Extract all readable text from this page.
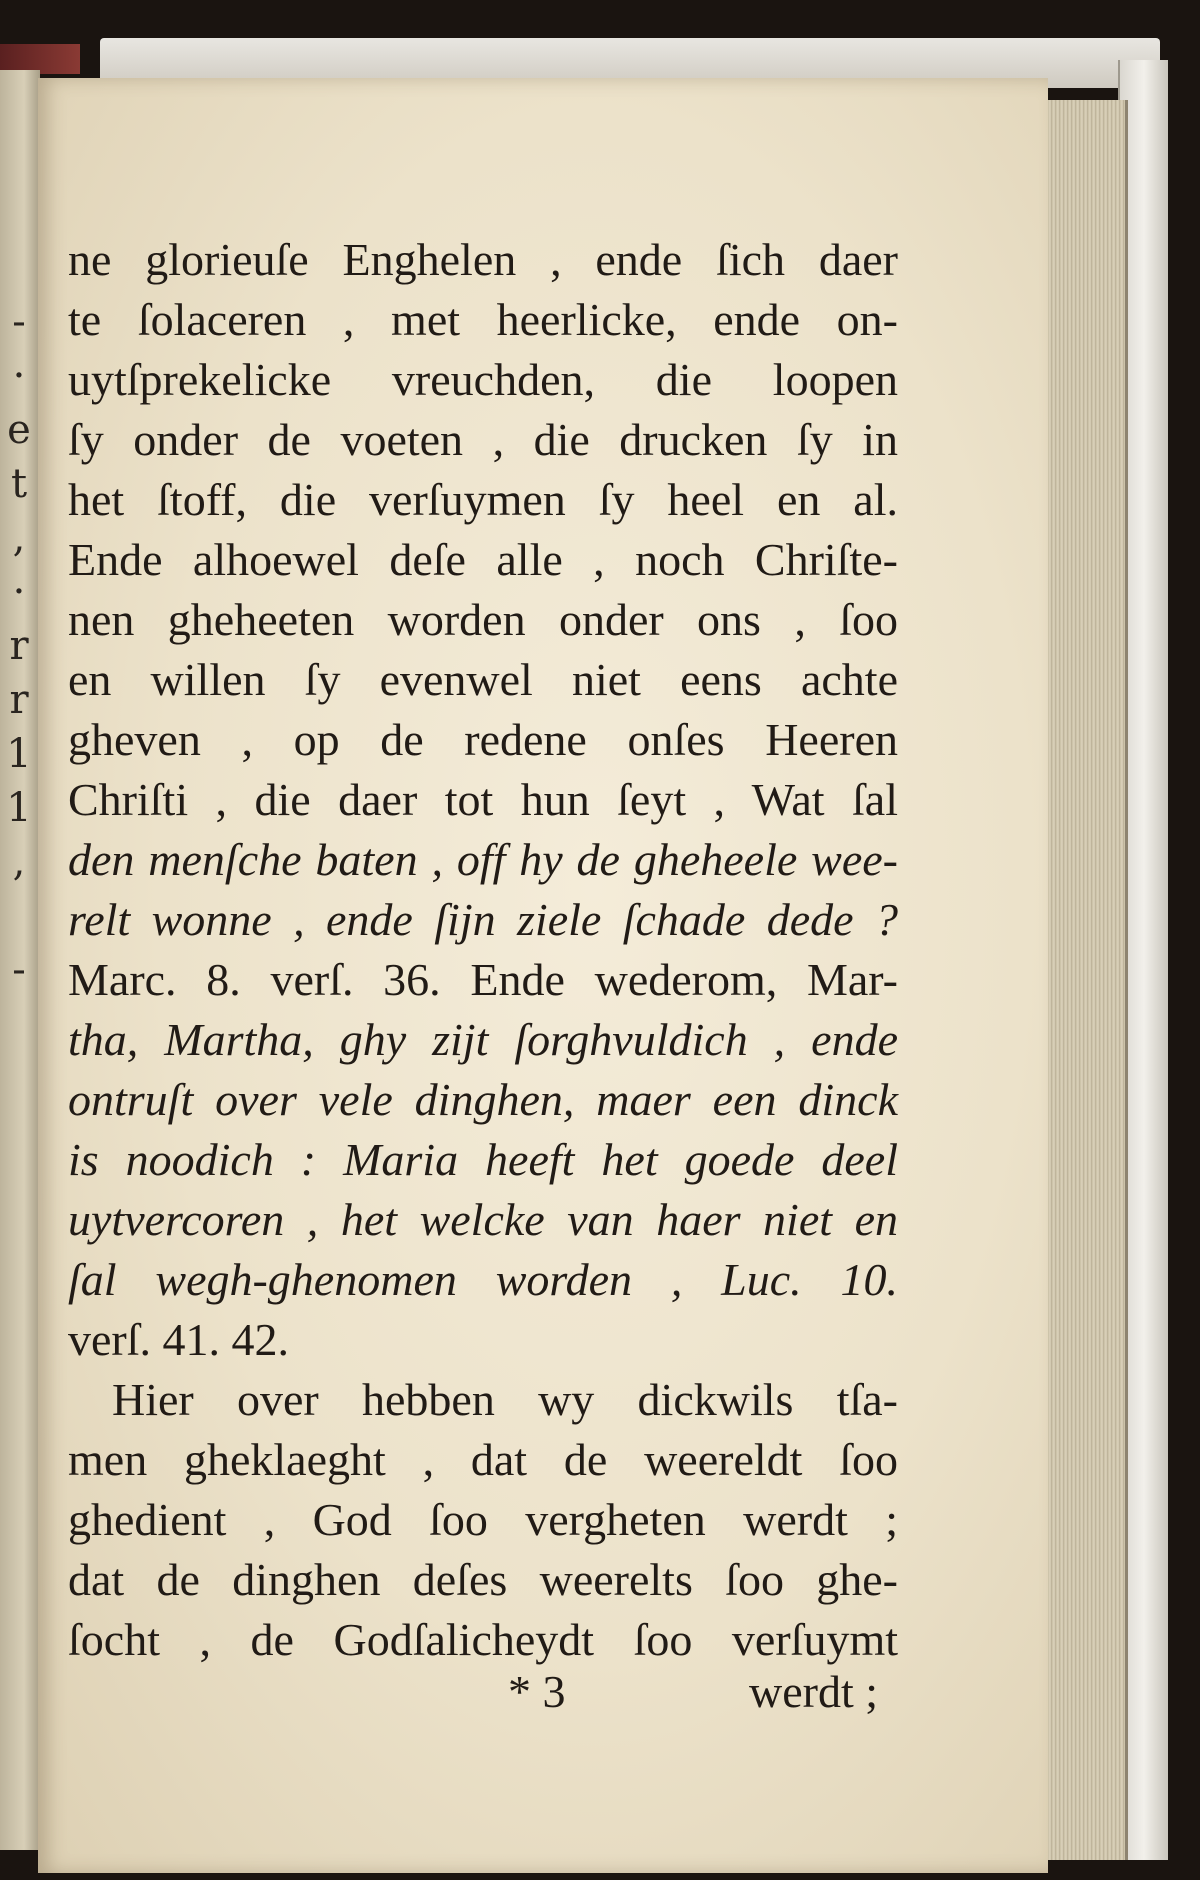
-
·
e
t
,
·
r
r
1
1
,
-
ne glorieuſe Enghelen , ende ſich daer
te ſolaceren , met heerlicke, ende on-
uytſprekelicke vreuchden, die loopen
ſy onder de voeten , die drucken ſy in
het ſtoff, die verſuymen ſy heel en al.
Ende alhoewel deſe alle , noch Chriſte-
nen gheheeten worden onder ons , ſoo
en willen ſy evenwel niet eens achte
gheven , op de redene onſes Heeren
Chriſti , die daer tot hun ſeyt , Wat ſal
den menſche baten , off hy de gheheele wee-
relt wonne , ende ſijn ziele ſchade dede ?
Marc. 8. verſ. 36. Ende wederom, Mar-
tha, Martha, ghy zijt ſorghvuldich , ende
ontruſt over vele dinghen, maer een dinck
is noodich : Maria heeft het goede deel
uytvercoren , het welcke van haer niet en
ſal wegh-ghenomen worden , Luc. 10.
verſ. 41. 42.
Hier over hebben wy dickwils tſa-
men gheklaeght , dat de weereldt ſoo
ghedient , God ſoo vergheten werdt ;
dat de dinghen deſes weerelts ſoo ghe-
ſocht , de Godſalicheydt ſoo verſuymt
* 3	werdt ;
